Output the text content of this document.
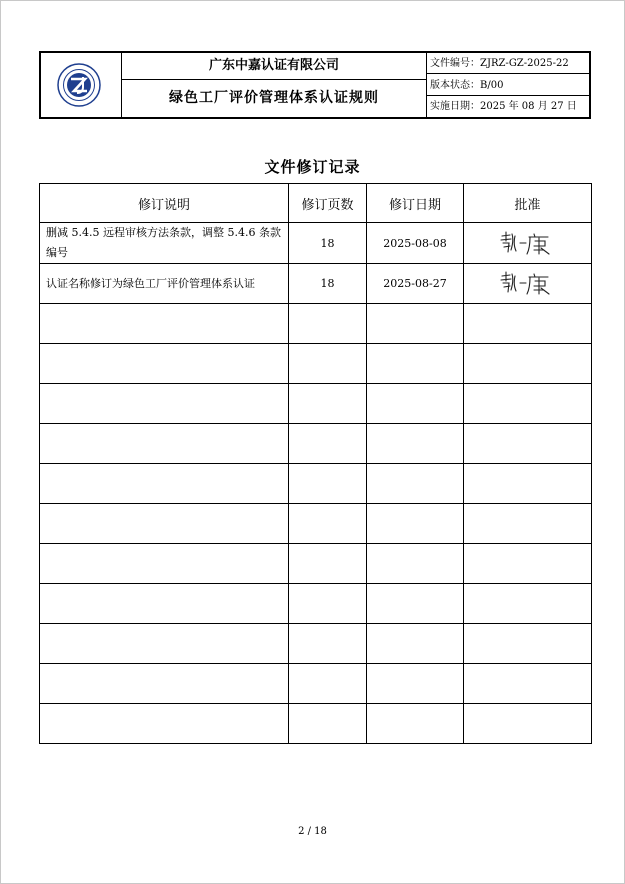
广东中嘉认证有限公司
绿色工厂评价管理体系认证规则
文件编号：ZJRZ-GZ-2025-22
版本状态：B/00
实施日期：2025 年 08 月 27 日
文件修订记录
修订说明	修订页数	修订日期	批准
删减 5.4.5 远程审核方法条款，调整 5.4.6 条款编号	18	2025-08-08	
认证名称修订为绿色工厂评价管理体系认证	18	2025-08-27	

2 / 18
